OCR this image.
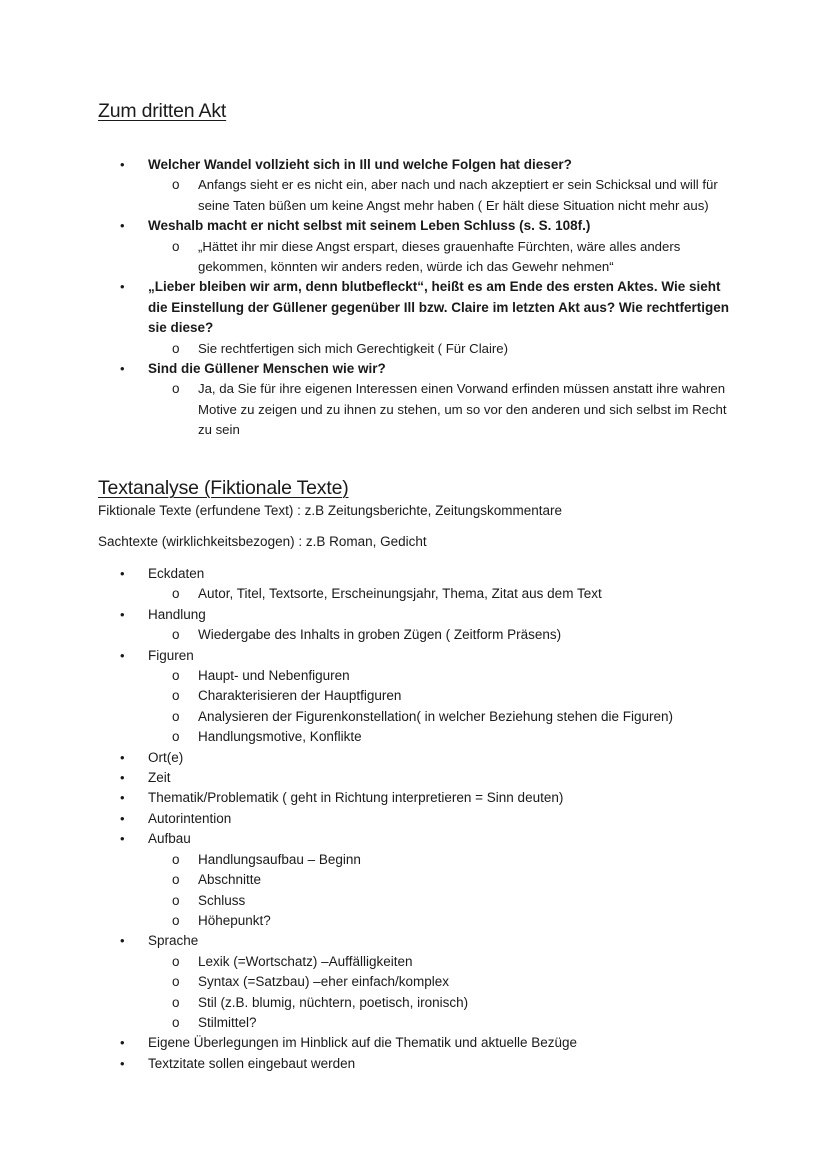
Zum dritten Akt
• Welcher Wandel vollzieht sich in Ill und welche Folgen hat dieser?
o Anfangs sieht er es nicht ein, aber nach und nach akzeptiert er sein Schicksal und will für seine Taten büßen um keine Angst mehr haben ( Er hält diese Situation nicht mehr aus)
• Weshalb macht er nicht selbst mit seinem Leben Schluss (s. S. 108f.)
o „Hättet ihr mir diese Angst erspart, dieses grauenhafte Fürchten, wäre alles anders gekommen, könnten wir anders reden, würde ich das Gewehr nehmen“
• „Lieber bleiben wir arm, denn blutbefleckt“, heißt es am Ende des ersten Aktes. Wie sieht die Einstellung der Güllener gegenüber Ill bzw. Claire im letzten Akt aus? Wie rechtfertigen sie diese?
o Sie rechtfertigen sich mich Gerechtigkeit ( Für Claire)
• Sind die Güllener Menschen wie wir?
o Ja, da Sie für ihre eigenen Interessen einen Vorwand erfinden müssen anstatt ihre wahren Motive zu zeigen und zu ihnen zu stehen, um so vor den anderen und sich selbst im Recht zu sein
Textanalyse (Fiktionale Texte)

Fiktionale Texte (erfundene Text) : z.B Zeitungsberichte, Zeitungskommentare

Sachtexte (wirklichkeitsbezogen) : z.B Roman, Gedicht

• Eckdaten
o Autor, Titel, Textsorte, Erscheinungsjahr, Thema, Zitat aus dem Text
• Handlung
o Wiedergabe des Inhalts in groben Zügen ( Zeitform Präsens)
• Figuren
o Haupt- und Nebenfiguren
o Charakterisieren der Hauptfiguren
o Analysieren der Figurenkonstellation( in welcher Beziehung stehen die Figuren)
o Handlungsmotive, Konflikte
• Ort(e)
• Zeit
• Thematik/Problematik ( geht in Richtung interpretieren = Sinn deuten)
• Autorintention
• Aufbau
o Handlungsaufbau – Beginn
o Abschnitte
o Schluss
o Höhepunkt?
• Sprache
o Lexik (=Wortschatz) –Auffälligkeiten
o Syntax (=Satzbau) –eher einfach/komplex
o Stil (z.B. blumig, nüchtern, poetisch, ironisch)
o Stilmittel?
• Eigene Überlegungen im Hinblick auf die Thematik und aktuelle Bezüge
• Textzitate sollen eingebaut werden
